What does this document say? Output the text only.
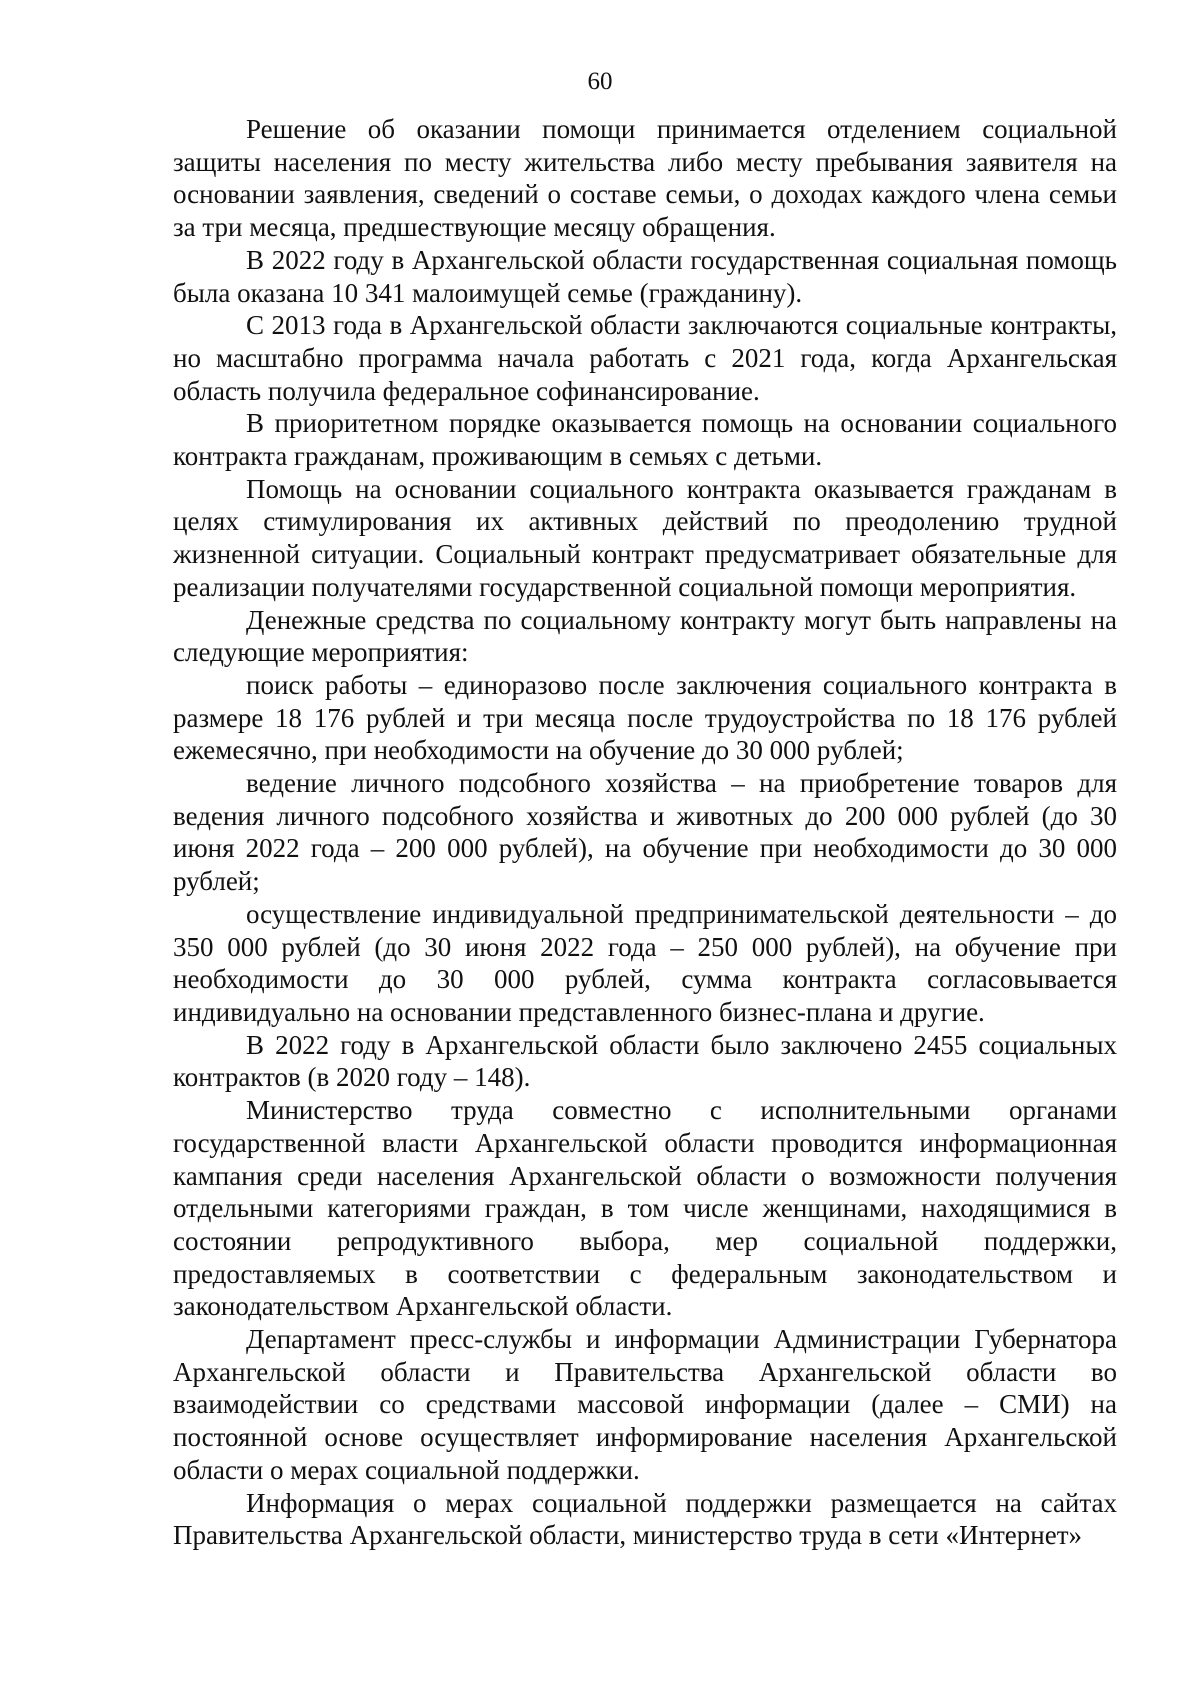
60

Решение об оказании помощи принимается отделением социальной защиты населения по месту жительства либо месту пребывания заявителя на основании заявления, сведений о составе семьи, о доходах каждого члена семьи за три месяца, предшествующие месяцу обращения.

В 2022 году в Архангельской области государственная социальная помощь была оказана 10 341 малоимущей семье (гражданину).

С 2013 года в Архангельской области заключаются социальные контракты, но масштабно программа начала работать с 2021 года, когда Архангельская область получила федеральное софинансирование.

В приоритетном порядке оказывается помощь на основании социального контракта гражданам, проживающим в семьях с детьми.

Помощь на основании социального контракта оказывается гражданам в целях стимулирования их активных действий по преодолению трудной жизненной ситуации. Социальный контракт предусматривает обязательные для реализации получателями государственной социальной помощи мероприятия.

Денежные средства по социальному контракту могут быть направлены на следующие мероприятия:

поиск работы – единоразово после заключения социального контракта в размере 18 176 рублей и три месяца после трудоустройства по 18 176 рублей ежемесячно, при необходимости на обучение до 30 000 рублей;

ведение личного подсобного хозяйства – на приобретение товаров для ведения личного подсобного хозяйства и животных до 200 000 рублей (до 30 июня 2022 года – 200 000 рублей), на обучение при необходимости до 30 000 рублей;

осуществление индивидуальной предпринимательской деятельности – до 350 000 рублей (до 30 июня 2022 года – 250 000 рублей), на обучение при необходимости до 30 000 рублей, сумма контракта согласовывается индивидуально на основании представленного бизнес-плана и другие.

В 2022 году в Архангельской области было заключено 2455 социальных контрактов (в 2020 году – 148).

Министерство труда совместно с исполнительными органами государственной власти Архангельской области проводится информационная кампания среди населения Архангельской области о возможности получения отдельными категориями граждан, в том числе женщинами, находящимися в состоянии репродуктивного выбора, мер социальной поддержки, предоставляемых в соответствии с федеральным законодательством и законодательством Архангельской области.

Департамент пресс-службы и информации Администрации Губернатора Архангельской области и Правительства Архангельской области во взаимодействии со средствами массовой информации (далее – СМИ) на постоянной основе осуществляет информирование населения Архангельской области о мерах социальной поддержки.

Информация о мерах социальной поддержки размещается на сайтах Правительства Архангельской области, министерство труда в сети «Интернет»
